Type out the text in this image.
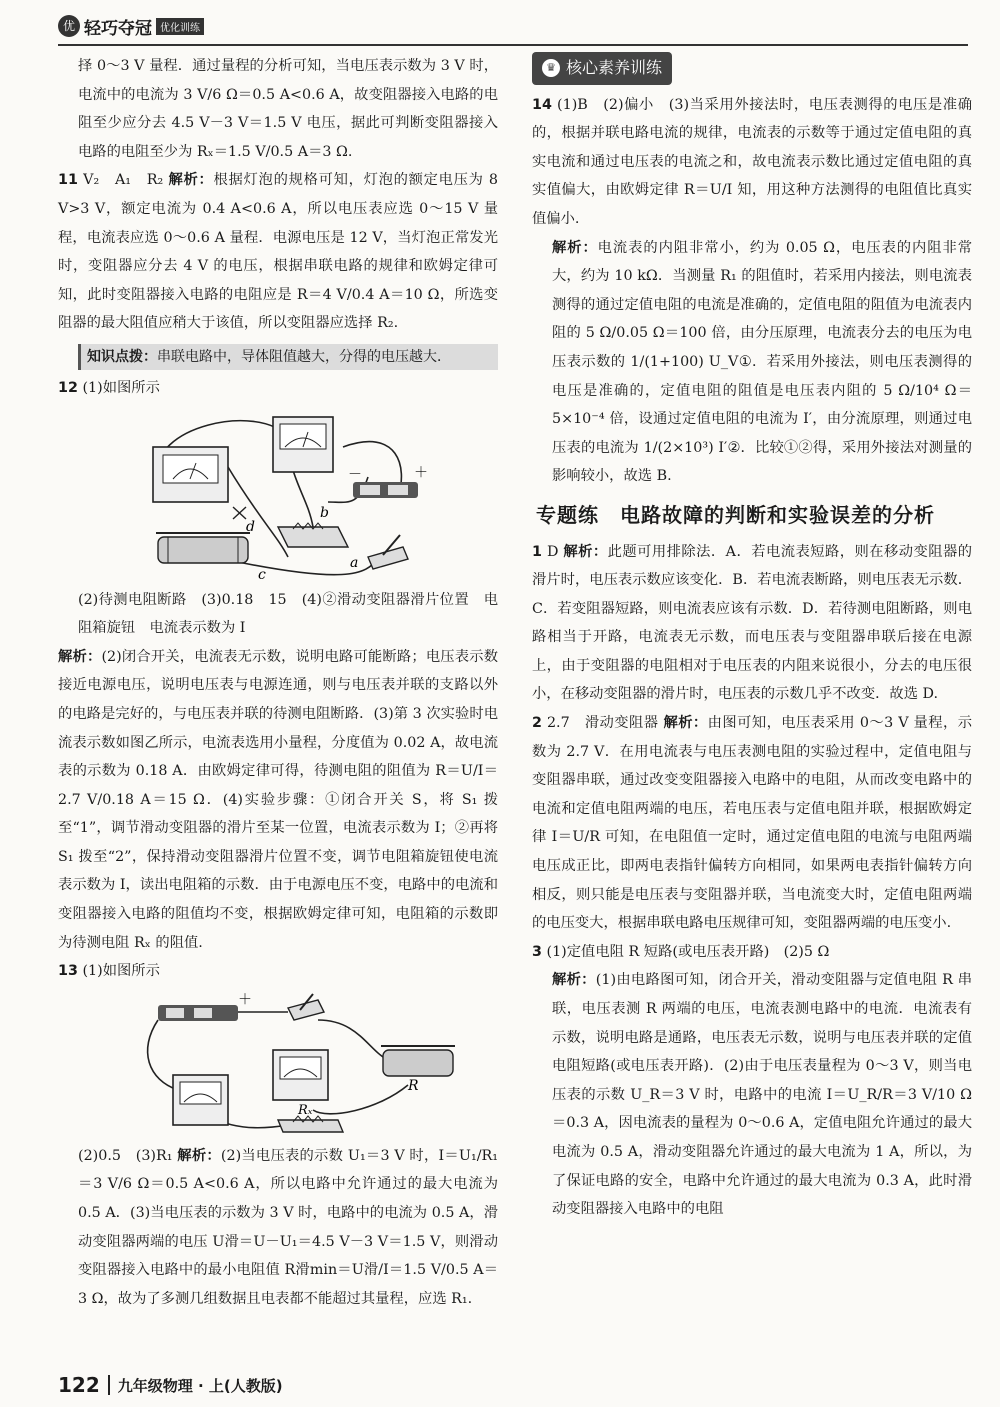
优 轻巧夺冠 优化训练

择 0～3 V 量程．通过量程的分析可知，当电压表示数为 3 V 时，电流中的电流为 3 V/6 Ω＝0.5 A<0.6 A，故变阻器接入电路的电阻至少应分去 4.5 V－3 V＝1.5 V 电压，据此可判断变阻器接入电路的电阻至少为 Rₓ＝1.5 V/0.5 A＝3 Ω.

11 V₂　A₁　R₂ 解析：根据灯泡的规格可知，灯泡的额定电压为 8 V>3 V，额定电流为 0.4 A<0.6 A，所以电压表应选 0～15 V 量程，电流表应选 0～0.6 A 量程．电源电压是 12 V，当灯泡正常发光时，变阻器应分去 4 V 的电压，根据串联电路的规律和欧姆定律可知，此时变阻器接入电路的电阻应是 R＝4 V/0.4 A＝10 Ω，所选变阻器的最大阻值应稍大于该值，所以变阻器应选择 R₂.

知识点拨：串联电路中，导体阻值越大，分得的电压越大．

12 (1)如图所示

－	＋
d
b
c
a

(2)待测电阻断路　(3)0.18　15　(4)②滑动变阻器滑片位置　电阻箱旋钮　电流表示数为 I

解析：(2)闭合开关，电流表无示数，说明电路可能断路；电压表示数接近电源电压，说明电压表与电源连通，则与电压表并联的支路以外的电路是完好的，与电压表并联的待测电阻断路．(3)第 3 次实验时电流表示数如图乙所示，电流表选用小量程，分度值为 0.02 A，故电流表的示数为 0.18 A．由欧姆定律可得，待测电阻的阻值为 R＝U/I＝2.7 V/0.18 A＝15 Ω．(4)实验步骤：①闭合开关 S，将 S₁ 拨至“1”，调节滑动变阻器的滑片至某一位置，电流表示数为 I；②再将 S₁ 拨至“2”，保持滑动变阻器滑片位置不变，调节电阻箱旋钮使电流表示数为 I，读出电阻箱的示数．由于电源电压不变，电路中的电流和变阻器接入电路的阻值均不变，根据欧姆定律可知，电阻箱的示数即为待测电阻 Rₓ 的阻值.

13 (1)如图所示

＋
R
Rₓ

(2)0.5　(3)R₁ 解析：(2)当电压表的示数 U₁＝3 V 时，I＝U₁/R₁＝3 V/6 Ω＝0.5 A<0.6 A，所以电路中允许通过的最大电流为 0.5 A．(3)当电压表的示数为 3 V 时，电路中的电流为 0.5 A，滑动变阻器两端的电压 U滑＝U－U₁＝4.5 V－3 V＝1.5 V，则滑动变阻器接入电路中的最小电阻值 R滑min＝U滑/I＝1.5 V/0.5 A＝3 Ω，故为了多测几组数据且电表都不能超过其量程，应选 R₁.

♛ 核心素养训练

14 (1)B　(2)偏小　(3)当采用外接法时，电压表测得的电压是准确的，根据并联电路电流的规律，电流表的示数等于通过定值电阻的真实电流和通过电压表的电流之和，故电流表示数比通过定值电阻的真实值偏大，由欧姆定律 R＝U/I 知，用这种方法测得的电阻值比真实值偏小.

解析：电流表的内阻非常小，约为 0.05 Ω，电压表的内阻非常大，约为 10 kΩ．当测量 R₁ 的阻值时，若采用内接法，则电流表测得的通过定值电阻的电流是准确的，定值电阻的阻值为电流表内阻的 5 Ω/0.05 Ω＝100 倍，由分压原理，电流表分去的电压为电压表示数的 1/(1+100) U_V①．若采用外接法，则电压表测得的电压是准确的，定值电阻的阻值是电压表内阻的 5 Ω/10⁴ Ω＝5×10⁻⁴ 倍，设通过定值电阻的电流为 I′，由分流原理，则通过电压表的电流为 1/(2×10³) I′②．比较①②得，采用外接法对测量的影响较小，故选 B.

专题练　电路故障的判断和实验误差的分析

1 D 解析：此题可用排除法．A．若电流表短路，则在移动变阻器的滑片时，电压表示数应该变化．B．若电流表断路，则电压表无示数．C．若变阻器短路，则电流表应该有示数．D．若待测电阻断路，则电路相当于开路，电流表无示数，而电压表与变阻器串联后接在电源上，由于变阻器的电阻相对于电压表的内阻来说很小，分去的电压很小，在移动变阻器的滑片时，电压表的示数几乎不改变．故选 D.

2 2.7　滑动变阻器 解析：由图可知，电压表采用 0～3 V 量程，示数为 2.7 V．在用电流表与电压表测电阻的实验过程中，定值电阻与变阻器串联，通过改变变阻器接入电路中的电阻，从而改变电路中的电流和定值电阻两端的电压，若电压表与定值电阻并联，根据欧姆定律 I＝U/R 可知，在电阻值一定时，通过定值电阻的电流与电阻两端电压成正比，即两电表指针偏转方向相同，如果两电表指针偏转方向相反，则只能是电压表与变阻器并联，当电流变大时，定值电阻两端的电压变大，根据串联电路电压规律可知，变阻器两端的电压变小.

3 (1)定值电阻 R 短路(或电压表开路)　(2)5 Ω

解析：(1)由电路图可知，闭合开关，滑动变阻器与定值电阻 R 串联，电压表测 R 两端的电压，电流表测电路中的电流．电流表有示数，说明电路是通路，电压表无示数，说明与电压表并联的定值电阻短路(或电压表开路)．(2)由于电压表量程为 0～3 V，则当电压表的示数 U_R＝3 V 时，电路中的电流 I＝U_R/R＝3 V/10 Ω＝0.3 A，因电流表的量程为 0～0.6 A，定值电阻允许通过的最大电流为 0.5 A，滑动变阻器允许通过的最大电流为 1 A，所以，为了保证电路的安全，电路中允许通过的最大电流为 0.3 A，此时滑动变阻器接入电路中的电阻

122 九年级物理 · 上(人教版)
